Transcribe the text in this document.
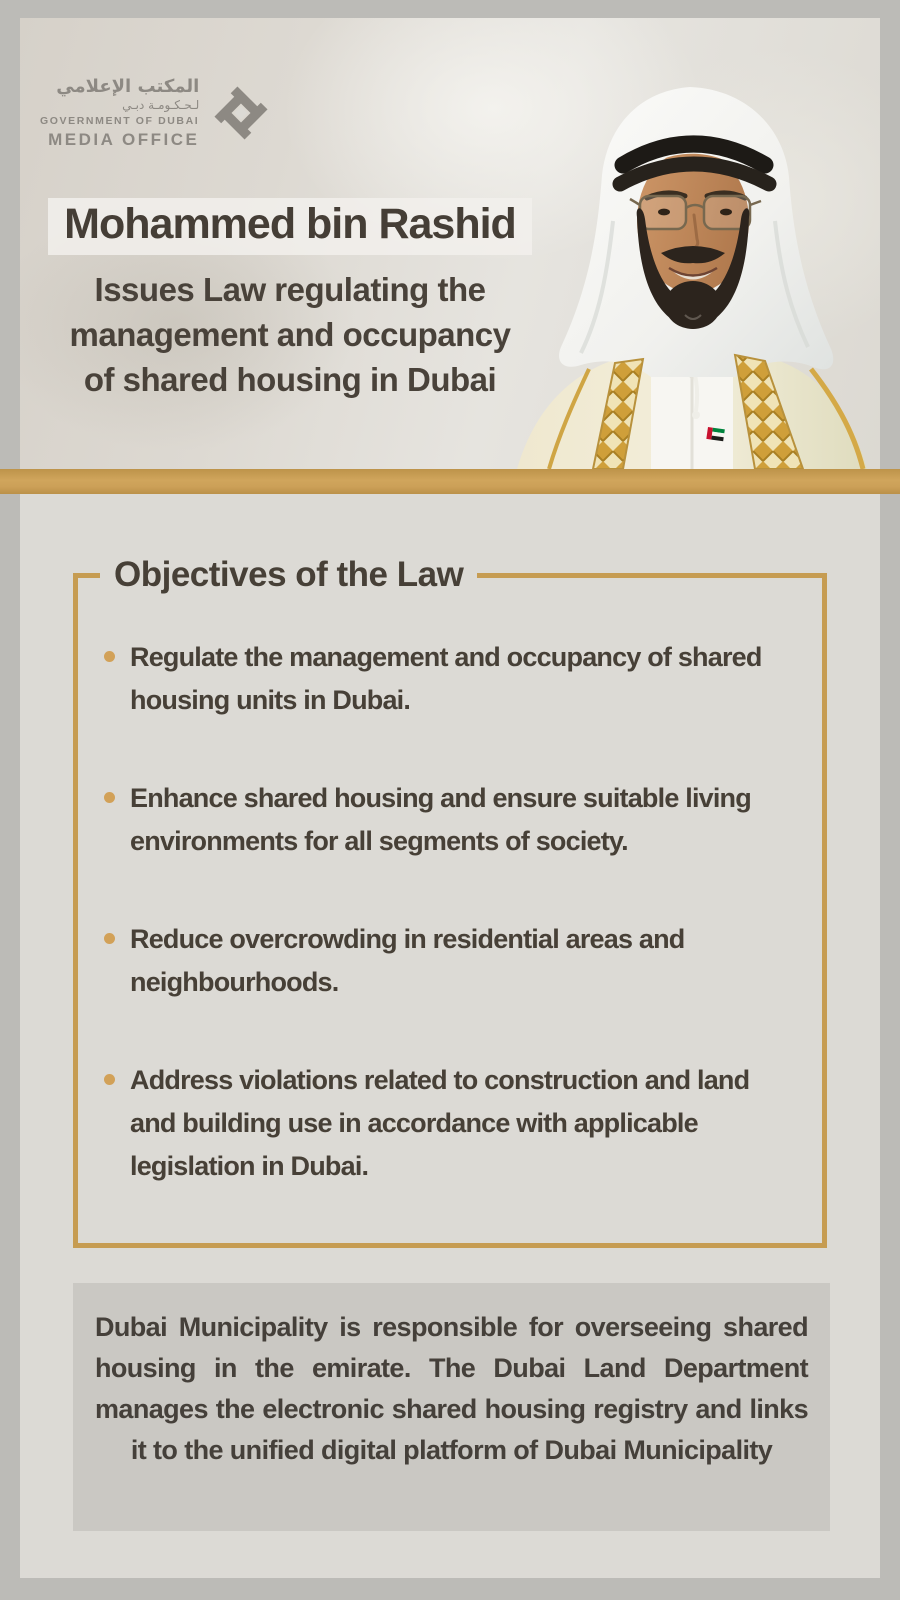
المكتب الإعلامي
لـحـكـومـة دبـي
GOVERNMENT OF DUBAI
MEDIA OFFICE
Mohammed bin Rashid
Issues Law regulating the
management and occupancy
of shared housing in Dubai
Objectives of the Law
Regulate the management and occupancy of shared housing units in Dubai.
Enhance shared housing and ensure suitable living environments for all segments of society.
Reduce overcrowding in residential areas and neighbourhoods.
Address violations related to construction and land and building use in accordance with applicable legislation in Dubai.

Dubai Municipality is responsible for overseeing shared housing in the emirate. The Dubai Land Department manages the electronic shared housing registry and links it to the unified digital platform of Dubai Municipality
